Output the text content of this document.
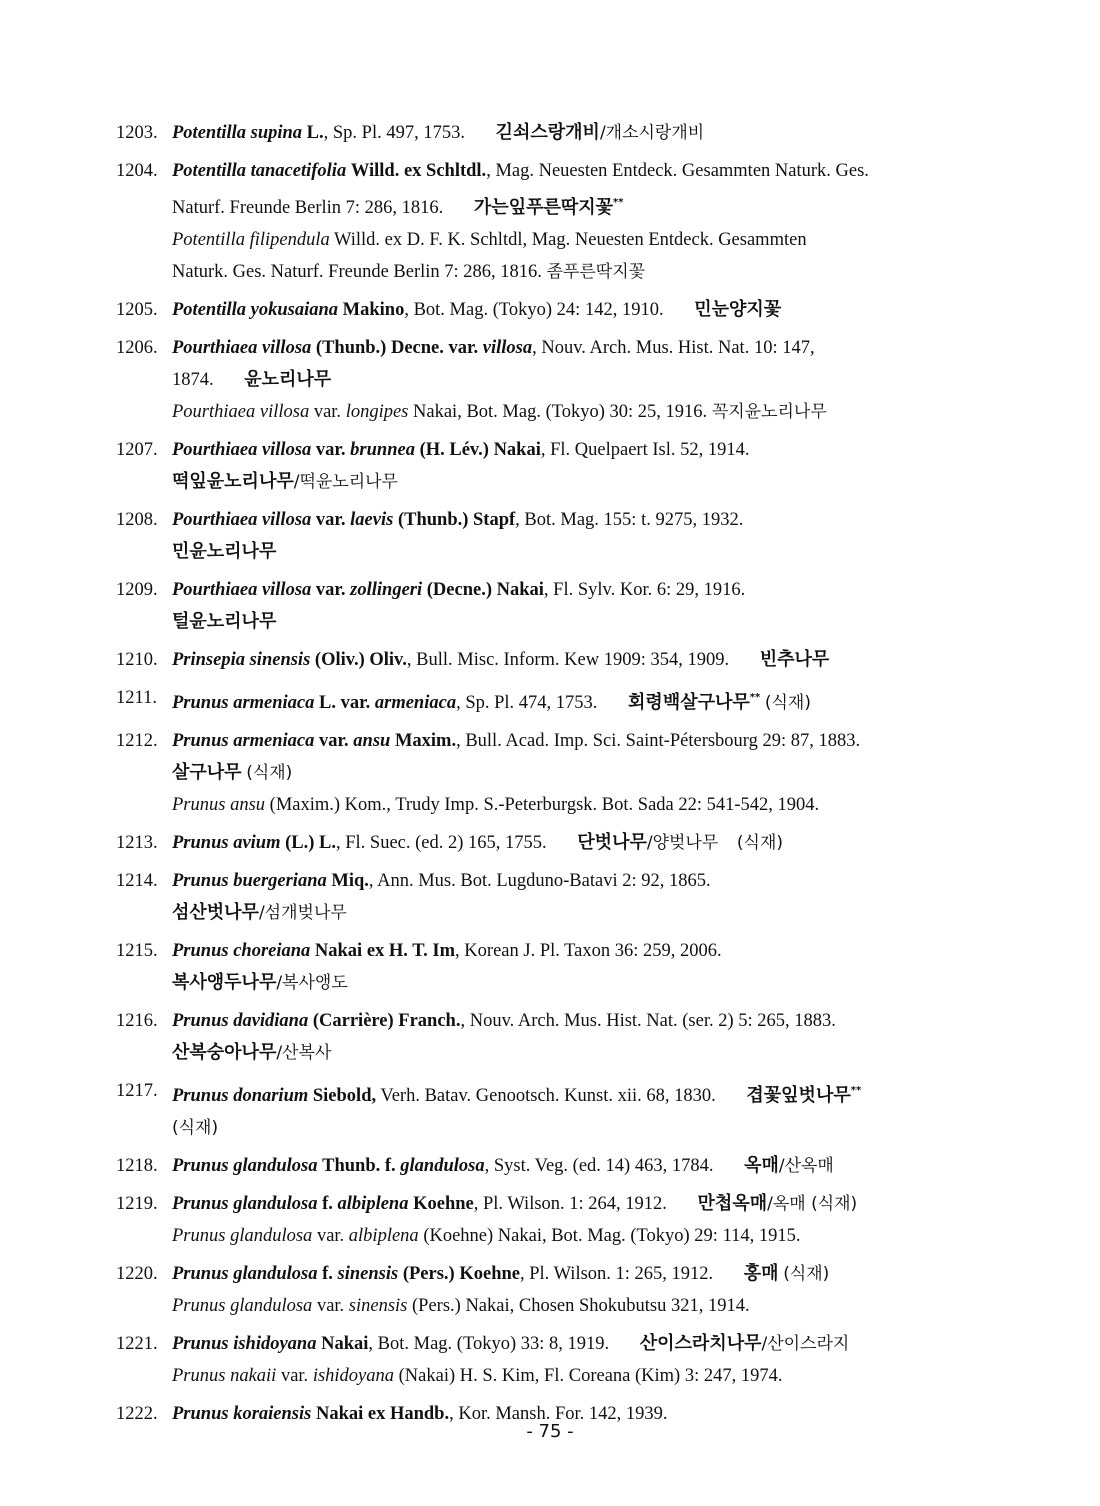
1203. Potentilla supina L., Sp. Pl. 497, 1753. 긷쇠스랑개비/개소시랑개비
1204. Potentilla tanacetifolia Willd. ex Schltdl., Mag. Neuesten Entdeck. Gesammten Naturk. Ges.
Naturf. Freunde Berlin 7: 286, 1816. 가는잎푸른딱지꽃**
Potentilla filipendula Willd. ex D. F. K. Schltdl, Mag. Neuesten Entdeck. Gesammten
Naturk. Ges. Naturf. Freunde Berlin 7: 286, 1816. 좀푸른딱지꽃
1205. Potentilla yokusaiana Makino, Bot. Mag. (Tokyo) 24: 142, 1910. 민눈양지꽃
1206. Pourthiaea villosa (Thunb.) Decne. var. villosa, Nouv. Arch. Mus. Hist. Nat. 10: 147,
1874. 윤노리나무
Pourthiaea villosa var. longipes Nakai, Bot. Mag. (Tokyo) 30: 25, 1916. 꼭지윤노리나무
1207. Pourthiaea villosa var. brunnea (H. Lév.) Nakai, Fl. Quelpaert Isl. 52, 1914.
떡잎윤노리나무/떡윤노리나무
1208. Pourthiaea villosa var. laevis (Thunb.) Stapf, Bot. Mag. 155: t. 9275, 1932.
민윤노리나무
1209. Pourthiaea villosa var. zollingeri (Decne.) Nakai, Fl. Sylv. Kor. 6: 29, 1916.
털윤노리나무
1210. Prinsepia sinensis (Oliv.) Oliv., Bull. Misc. Inform. Kew 1909: 354, 1909. 빈추나무
1211. Prunus armeniaca L. var. armeniaca, Sp. Pl. 474, 1753. 회령백살구나무** (식재)
1212. Prunus armeniaca var. ansu Maxim., Bull. Acad. Imp. Sci. Saint-Pétersbourg 29: 87, 1883.
살구나무 (식재)
Prunus ansu (Maxim.) Kom., Trudy Imp. S.-Peterburgsk. Bot. Sada 22: 541-542, 1904.
1213. Prunus avium (L.) L., Fl. Suec. (ed. 2) 165, 1755. 단벗나무/양벚나무 (식재)
1214. Prunus buergeriana Miq., Ann. Mus. Bot. Lugduno-Batavi 2: 92, 1865.
섬산벗나무/섬개벚나무
1215. Prunus choreiana Nakai ex H. T. Im, Korean J. Pl. Taxon 36: 259, 2006.
복사앵두나무/복사앵도
1216. Prunus davidiana (Carrière) Franch., Nouv. Arch. Mus. Hist. Nat. (ser. 2) 5: 265, 1883.
산복숭아나무/산복사
1217. Prunus donarium Siebold, Verh. Batav. Genootsch. Kunst. xii. 68, 1830. 겹꽃잎벗나무**
(식재)
1218. Prunus glandulosa Thunb. f. glandulosa, Syst. Veg. (ed. 14) 463, 1784. 옥매/산옥매
1219. Prunus glandulosa f. albiplena Koehne, Pl. Wilson. 1: 264, 1912. 만첩옥매/옥매 (식재)
Prunus glandulosa var. albiplena (Koehne) Nakai, Bot. Mag. (Tokyo) 29: 114, 1915.
1220. Prunus glandulosa f. sinensis (Pers.) Koehne, Pl. Wilson. 1: 265, 1912. 홍매 (식재)
Prunus glandulosa var. sinensis (Pers.) Nakai, Chosen Shokubutsu 321, 1914.
1221. Prunus ishidoyana Nakai, Bot. Mag. (Tokyo) 33: 8, 1919. 산이스라치나무/산이스라지
Prunus nakaii var. ishidoyana (Nakai) H. S. Kim, Fl. Coreana (Kim) 3: 247, 1974.
1222. Prunus koraiensis Nakai ex Handb., Kor. Mansh. For. 142, 1939.
- 75 -
